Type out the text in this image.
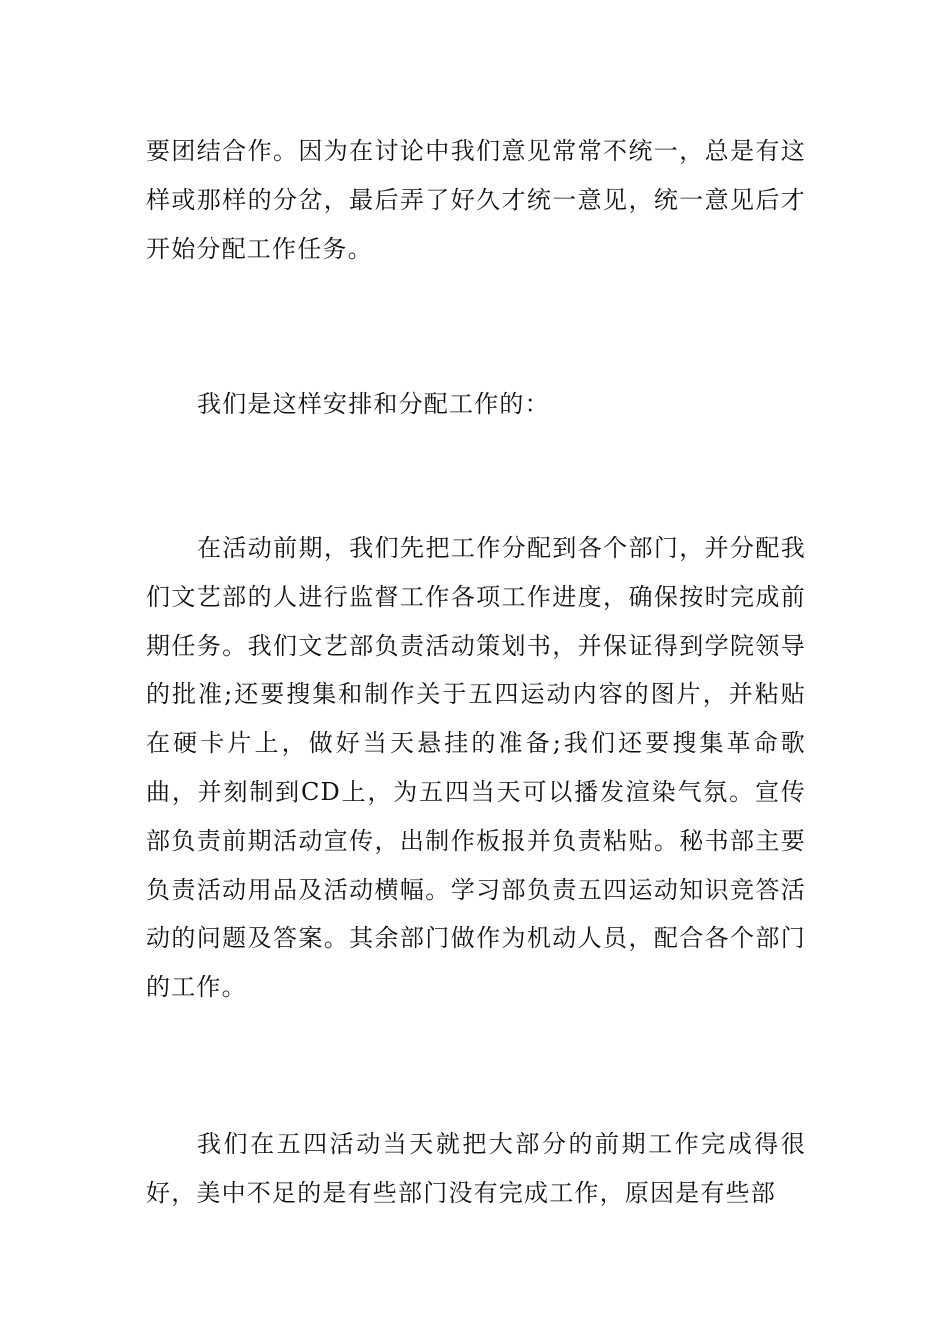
要团结合作。因为在讨论中我们意见常常不统一，总是有这样或那样的分岔，最后弄了好久才统一意见，统一意见后才开始分配工作任务。

我们是这样安排和分配工作的：

在活动前期，我们先把工作分配到各个部门，并分配我们文艺部的人进行监督工作各项工作进度，确保按时完成前期任务。我们文艺部负责活动策划书，并保证得到学院领导的批准;还要搜集和制作关于五四运动内容的图片，并粘贴在硬卡片上，做好当天悬挂的准备;我们还要搜集革命歌曲，并刻制到CD上，为五四当天可以播发渲染气氛。宣传部负责前期活动宣传，出制作板报并负责粘贴。秘书部主要负责活动用品及活动横幅。学习部负责五四运动知识竞答活动的问题及答案。其余部门做作为机动人员，配合各个部门的工作。

我们在五四活动当天就把大部分的前期工作完成得很好，美中不足的是有些部门没有完成工作，原因是有些部
